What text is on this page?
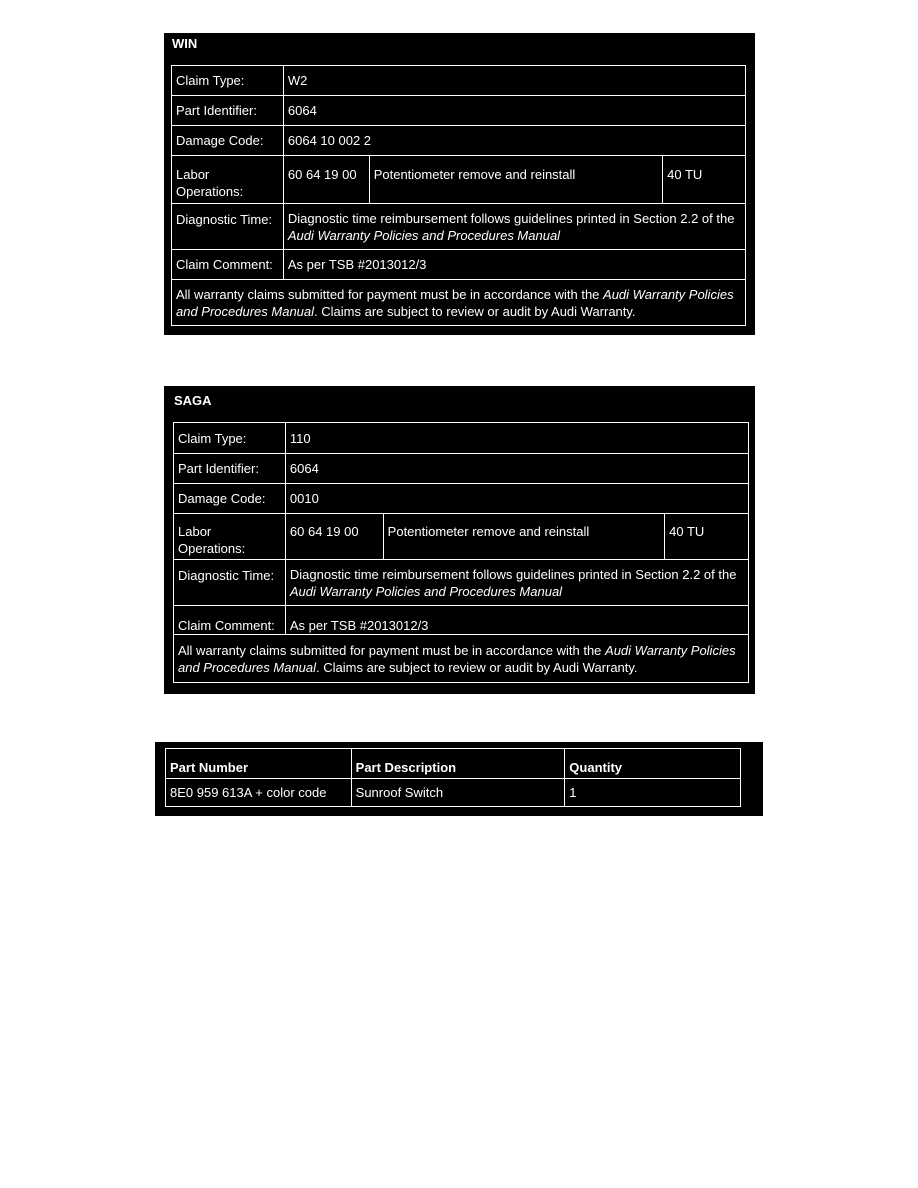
WIN
Claim Type:	W2		
Part Identifier:	6064		
Damage Code:	6064 10 002 2		
Labor Operations:	60 64 19 00	Potentiometer remove and reinstall	40 TU
Diagnostic Time:	Diagnostic time reimbursement follows guidelines printed in Section 2.2 of the Audi Warranty Policies and Procedures Manual		
Claim Comment:	As per TSB #2013012/3		
All warranty claims submitted for payment must be in accordance with the Audi Warranty Policies and Procedures Manual. Claims are subject to review or audit by Audi Warranty.			
SAGA
Claim Type:	110		
Part Identifier:	6064		
Damage Code:	0010		
Labor Operations:	60 64 19 00	Potentiometer remove and reinstall	40 TU
Diagnostic Time:	Diagnostic time reimbursement follows guidelines printed in Section 2.2 of the Audi Warranty Policies and Procedures Manual		
Claim Comment:	As per TSB #2013012/3		
All warranty claims submitted for payment must be in accordance with the Audi Warranty Policies and Procedures Manual. Claims are subject to review or audit by Audi Warranty.			
Part Number	Part Description	Quantity
8E0 959 613A + color code	Sunroof Switch	1
